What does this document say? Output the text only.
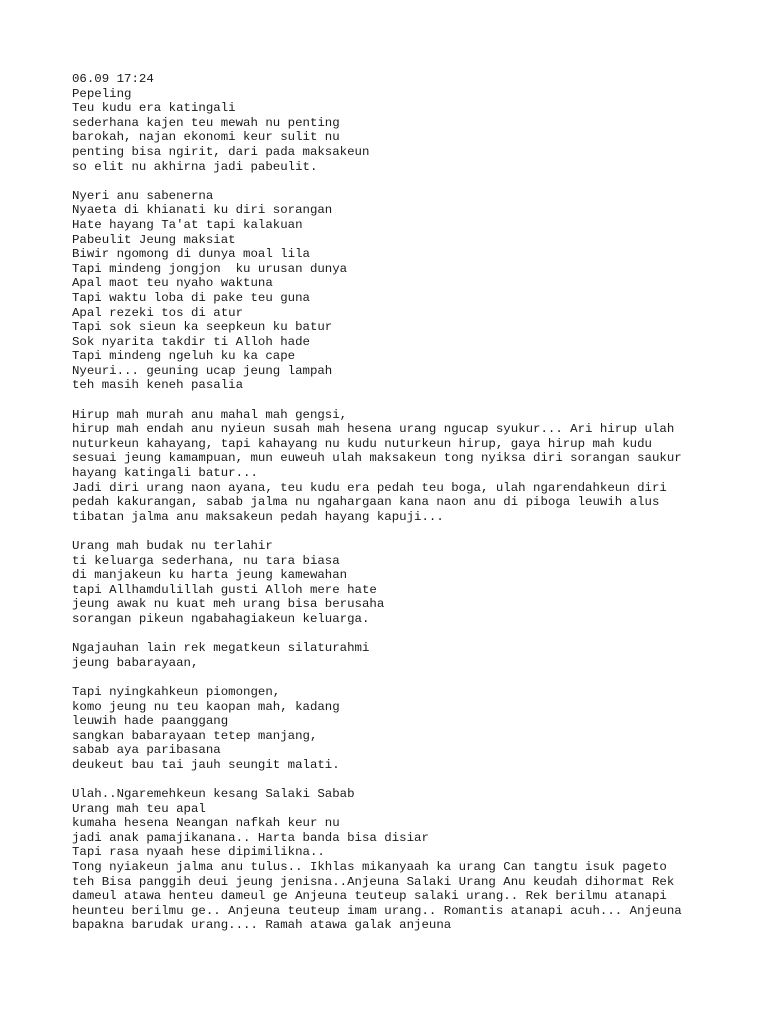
06.09 17:24
Pepeling
Teu kudu era katingali
sederhana kajen teu mewah nu penting
barokah, najan ekonomi keur sulit nu
penting bisa ngirit, dari pada maksakeun
so elit nu akhirna jadi pabeulit.
Nyeri anu sabenerna
Nyaeta di khianati ku diri sorangan
Hate hayang Ta'at tapi kalakuan
Pabeulit Jeung maksiat
Biwir ngomong di dunya moal lila
Tapi mindeng jongjon  ku urusan dunya
Apal maot teu nyaho waktuna
Tapi waktu loba di pake teu guna
Apal rezeki tos di atur
Tapi sok sieun ka seepkeun ku batur
Sok nyarita takdir ti Alloh hade
Tapi mindeng ngeluh ku ka cape
Nyeuri... geuning ucap jeung lampah
teh masih keneh pasalia
Hirup mah murah anu mahal mah gengsi,
hirup mah endah anu nyieun susah mah hesena urang ngucap syukur... Ari hirup ulah
nuturkeun kahayang, tapi kahayang nu kudu nuturkeun hirup, gaya hirup mah kudu
sesuai jeung kamampuan, mun euweuh ulah maksakeun tong nyiksa diri sorangan saukur
hayang katingali batur...
Jadi diri urang naon ayana, teu kudu era pedah teu boga, ulah ngarendahkeun diri
pedah kakurangan, sabab jalma nu ngahargaan kana naon anu di piboga leuwih alus
tibatan jalma anu maksakeun pedah hayang kapuji...
Urang mah budak nu terlahir
ti keluarga sederhana, nu tara biasa
di manjakeun ku harta jeung kamewahan
tapi Allhamdulillah gusti Alloh mere hate
jeung awak nu kuat meh urang bisa berusaha
sorangan pikeun ngabahagiakeun keluarga.
Ngajauhan lain rek megatkeun silaturahmi
jeung babarayaan,
Tapi nyingkahkeun piomongen,
komo jeung nu teu kaopan mah, kadang
leuwih hade paanggang
sangkan babarayaan tetep manjang,
sabab aya paribasana
deukeut bau tai jauh seungit malati.
Ulah..Ngaremehkeun kesang Salaki Sabab
Urang mah teu apal
kumaha hesena Neangan nafkah keur nu
jadi anak pamajikanana.. Harta banda bisa disiar
Tapi rasa nyaah hese dipimilikna..
Tong nyiakeun jalma anu tulus.. Ikhlas mikanyaah ka urang Can tangtu isuk pageto
teh Bisa panggih deui jeung jenisna..Anjeuna Salaki Urang Anu keudah dihormat Rek
dameul atawa henteu dameul ge Anjeuna teuteup salaki urang.. Rek berilmu atanapi
heunteu berilmu ge.. Anjeuna teuteup imam urang.. Romantis atanapi acuh... Anjeuna
bapakna barudak urang.... Ramah atawa galak anjeuna
